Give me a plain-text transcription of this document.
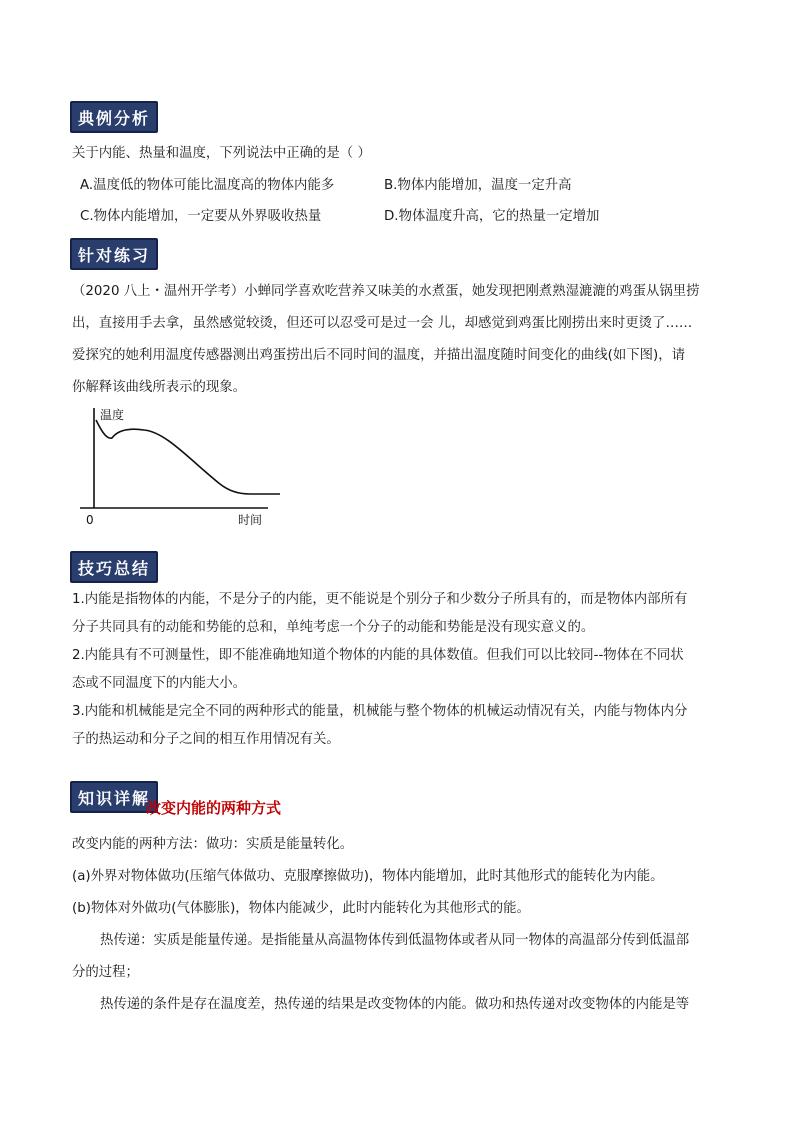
典例分析
关于内能、热量和温度，下列说法中正确的是（ ）
A.温度低的物体可能比温度高的物体内能多	B.物体内能增加，温度一定升高
C.物体内能增加，一定要从外界吸收热量	D.物体温度升高，它的热量一定增加
针对练习
（2020 八上・温州开学考）小蝉同学喜欢吃营养又味美的水煮蛋，她发现把刚煮熟湿漉漉的鸡蛋从锅里捞
出，直接用手去拿，虽然感觉较烫，但还可以忍受可是过一会 儿，却感觉到鸡蛋比刚捞出来时更烫了……
爱探究的她利用温度传感器测出鸡蛋捞出后不同时间的温度，并描出温度随时间变化的曲线(如下图)，请
你解释该曲线所表示的现象。
温度
0	时间
技巧总结
1.内能是指物体的内能，不是分子的内能，更不能说是个别分子和少数分子所具有的，而是物体内部所有
分子共同具有的动能和势能的总和，单纯考虑一个分子的动能和势能是没有现实意义的。
2.内能具有不可测量性，即不能准确地知道个物体的内能的具体数值。但我们可以比较同--物体在不同状
态或不同温度下的内能大小。
3.内能和机械能是完全不同的两种形式的能量，机械能与整个物体的机械运动情况有关，内能与物体内分
子的热运动和分子之间的相互作用情况有关。
知识详解
改变内能的两种方式
改变内能的两种方法：做功：实质是能量转化。
(a)外界对物体做功(压缩气体做功、克服摩擦做功)，物体内能增加，此时其他形式的能转化为内能。
(b)物体对外做功(气体膨胀)，物体内能减少，此时内能转化为其他形式的能。
热传递：实质是能量传递。是指能量从高温物体传到低温物体或者从同一物体的高温部分传到低温部
分的过程；
热传递的条件是存在温度差，热传递的结果是改变物体的内能。做功和热传递对改变物体的内能是等
